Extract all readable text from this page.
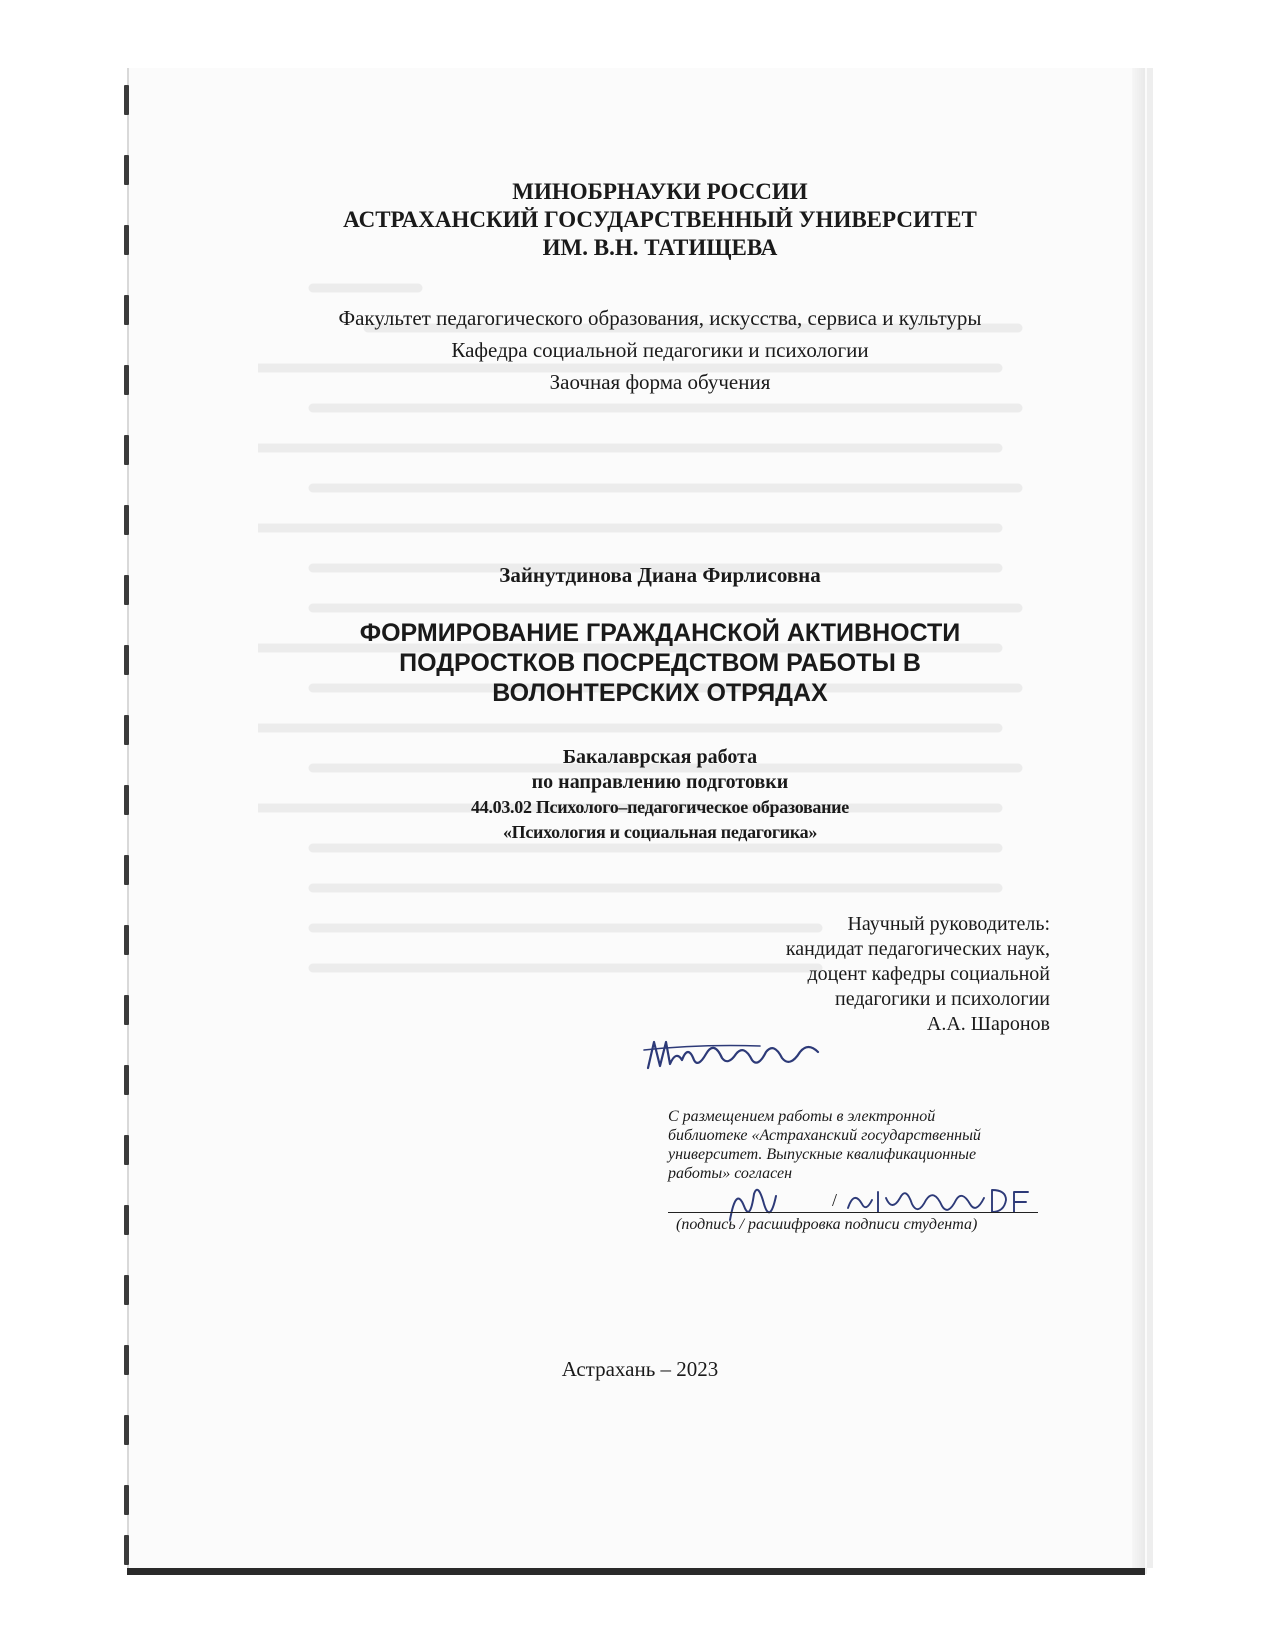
МИНОБРНАУКИ РОССИИ
АСТРАХАНСКИЙ ГОСУДАРСТВЕННЫЙ УНИВЕРСИТЕТ
ИМ. В.Н. ТАТИЩЕВА
Факультет педагогического образования, искусства, сервиса и культуры
Кафедра социальной педагогики и психологии
Заочная форма обучения
Зайнутдинова Диана Фирлисовна
ФОРМИРОВАНИЕ ГРАЖДАНСКОЙ АКТИВНОСТИ
ПОДРОСТКОВ ПОСРЕДСТВОМ РАБОТЫ В
ВОЛОНТЕРСКИХ ОТРЯДАХ
Бакалаврская работа
по направлению подготовки
44.03.02 Психолого–педагогическое образование
«Психология и социальная педагогика»
Научный руководитель:
кандидат педагогических наук,
доцент кафедры социальной
педагогики и психологии
А.А. Шаронов
С размещением работы в электронной
библиотеке «Астраханский государственный
университет. Выпускные квалификационные
работы» согласен
/
(подпись / расшифровка подписи студента)
Астрахань – 2023
